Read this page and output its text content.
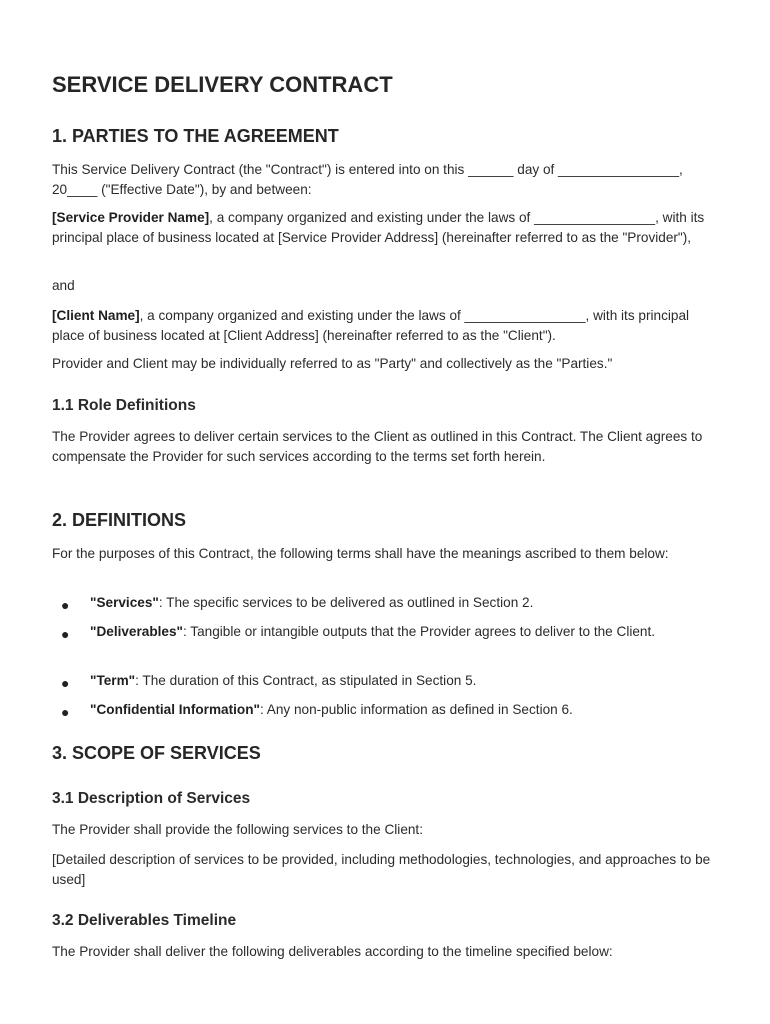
SERVICE DELIVERY CONTRACT
1. PARTIES TO THE AGREEMENT

This Service Delivery Contract (the "Contract") is entered into on this ______ day of ________________, 20____ ("Effective Date"), by and between:

[Service Provider Name], a company organized and existing under the laws of ________________, with its principal place of business located at [Service Provider Address] (hereinafter referred to as the "Provider"),

and

[Client Name], a company organized and existing under the laws of ________________, with its principal place of business located at [Client Address] (hereinafter referred to as the "Client").

Provider and Client may be individually referred to as "Party" and collectively as the "Parties."

1.1 Role Definitions

The Provider agrees to deliver certain services to the Client as outlined in this Contract. The Client agrees to compensate the Provider for such services according to the terms set forth herein.

2. DEFINITIONS

For the purposes of this Contract, the following terms shall have the meanings ascribed to them below:

● "Services": The specific services to be delivered as outlined in Section 2.
● "Deliverables": Tangible or intangible outputs that the Provider agrees to deliver to the Client.
● "Term": The duration of this Contract, as stipulated in Section 5.
● "Confidential Information": Any non-public information as defined in Section 6.
3. SCOPE OF SERVICES
3.1 Description of Services

The Provider shall provide the following services to the Client:

[Detailed description of services to be provided, including methodologies, technologies, and approaches to be used]

3.2 Deliverables Timeline

The Provider shall deliver the following deliverables according to the timeline specified below:
